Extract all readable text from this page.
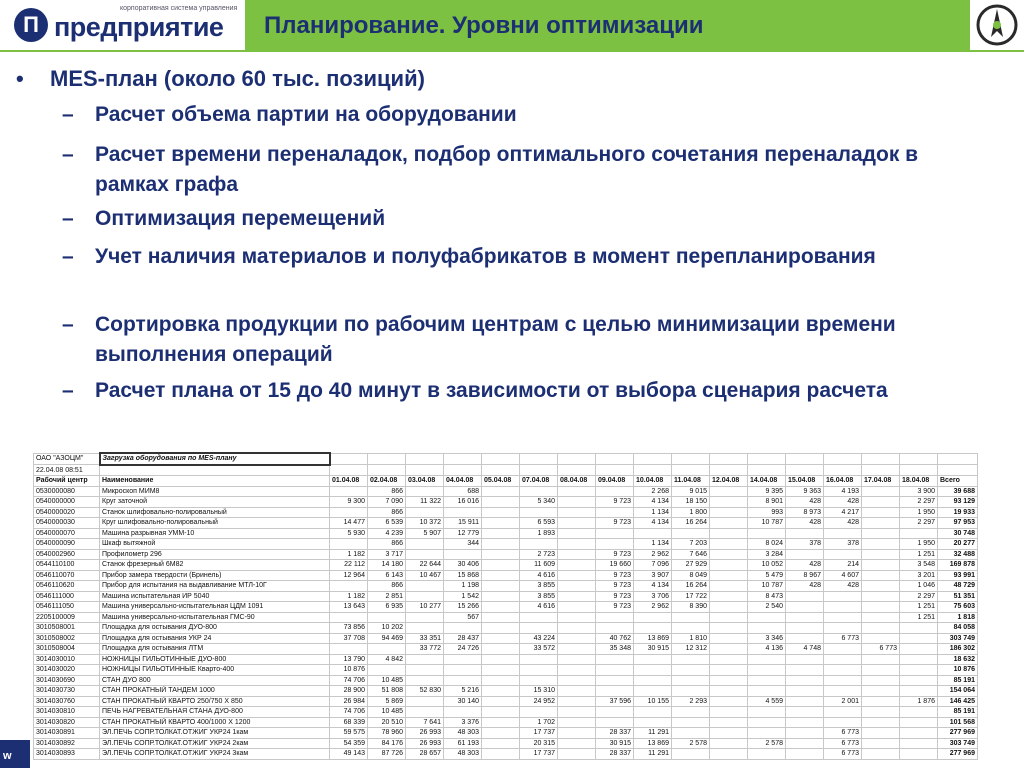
П предприятие
корпоративная система управления
Планирование. Уровни оптимизации
• MES-план (около 60 тыс. позиций)
– Расчет объема партии на оборудовании
– Расчет времени переналадок, подбор оптимального сочетания переналадок в рамках графа
– Оптимизация перемещений
– Учет наличия материалов и полуфабрикатов в момент перепланирования
– Сортировка продукции по рабочим центрам с целью минимизации времени выполнения операций
– Расчет плана от 15 до 40 минут в зависимости от выбора сценария расчета
ОАО "АЗОЦМ"	Загрузка оборудования по MES-плану																	
22.04.08 08:51																		
Рабочий центр	Наименование	01.04.08	02.04.08	03.04.08	04.04.08	05.04.08	07.04.08	08.04.08	09.04.08	10.04.08	11.04.08	12.04.08	14.04.08	15.04.08	16.04.08	17.04.08	18.04.08	Всего
0530000080	Микроскоп МИМ8		866		688					2 268	9 015		9 395	9 363	4 193		3 900	39 688
0540000000	Круг заточной	9 300	7 090	11 322	16 016		5 340		9 723	4 134	18 150		8 901	428	428		2 297	93 129
0540000020	Станок шлифовально-полировальный		866							1 134	1 800		993	8 973	4 217		1 950	19 933
0540000030	Круг шлифовально-полировальный	14 477	6 539	10 372	15 911		6 593		9 723	4 134	16 264		10 787	428	428		2 297	97 953
0540000070	Машина разрывная УММ-10	5 930	4 239	5 907	12 779		1 893											30 748
0540000090	Шкаф вытяжной		866		344					1 134	7 203		8 024	378	378		1 950	20 277
0540002960	Профилометр 296	1 182	3 717				2 723		9 723	2 962	7 646		3 284				1 251	32 488
0544110100	Станок фрезерный 6М82	22 112	14 180	22 644	30 406		11 609		19 660	7 096	27 929		10 052	428	214		3 548	169 878
0546110070	Прибор замера твердости (Бринель)	12 964	6 143	10 467	15 868		4 616		9 723	3 907	8 049		5 479	8 967	4 607		3 201	93 991
0546110620	Прибор для испытания на выдавливание МТЛ-10Г		866		1 198		3 855		9 723	4 134	16 264		10 787	428	428		1 046	48 729
0546111000	Машина испытательная ИР 5040	1 182	2 851		1 542		3 855		9 723	3 706	17 722		8 473				2 297	51 351
0546111050	Машина универсально-испытательная ЦДМ 1091	13 643	6 935	10 277	15 266		4 616		9 723	2 962	8 390		2 540				1 251	75 603
2205100009	Машина универсально-испытательная ГМС-90				567												1 251	1 818
3010508001	Площадка для остывания ДУО-800	73 856	10 202															84 058
3010508002	Площадка для остывания УКР 24	37 708	94 469	33 351	28 437		43 224		40 762	13 869	1 810		3 346		6 773			303 749
3010508004	Площадка для остывания ЛТМ			33 772	24 726		33 572		35 348	30 915	12 312		4 136	4 748		6 773		186 302
3014030010	НОЖНИЦЫ ГИЛЬОТИННЫЕ ДУО-800	13 790	4 842															18 632
3014030020	НОЖНИЦЫ ГИЛЬОТИННЫЕ Кварто-400	10 876																10 876
3014030690	СТАН ДУО 800	74 706	10 485															85 191
3014030730	СТАН ПРОКАТНЫЙ ТАНДЕМ 1000	28 900	51 808	52 830	5 216		15 310											154 064
3014030760	СТАН ПРОКАТНЫЙ КВАРТО 250/750 Х 850	26 984	5 869		30 140		24 952		37 596	10 155	2 293		4 559		2 001		1 876	146 425
3014030810	ПЕЧЬ НАГРЕВАТЕЛЬНАЯ СТАНА ДУО-800	74 706	10 485															85 191
3014030820	СТАН ПРОКАТНЫЙ КВАРТО 400/1000 Х 1200	68 339	20 510	7 641	3 376		1 702											101 568
3014030891	ЭЛ.ПЕЧЬ СОПР.ТОЛКАТ.ОТЖИГ УКР24 1кам	59 575	78 960	26 993	48 303		17 737		28 337	11 291					6 773			277 969
3014030892	ЭЛ.ПЕЧЬ СОПР.ТОЛКАТ.ОТЖИГ УКР24 2кам	54 359	84 176	26 993	61 193		20 315		30 915	13 869	2 578		2 578		6 773			303 749
3014030893	ЭЛ.ПЕЧЬ СОПР.ТОЛКАТ.ОТЖИГ УКР24 3кам	49 143	87 726	28 657	48 303		17 737		28 337	11 291					6 773			277 969
w
